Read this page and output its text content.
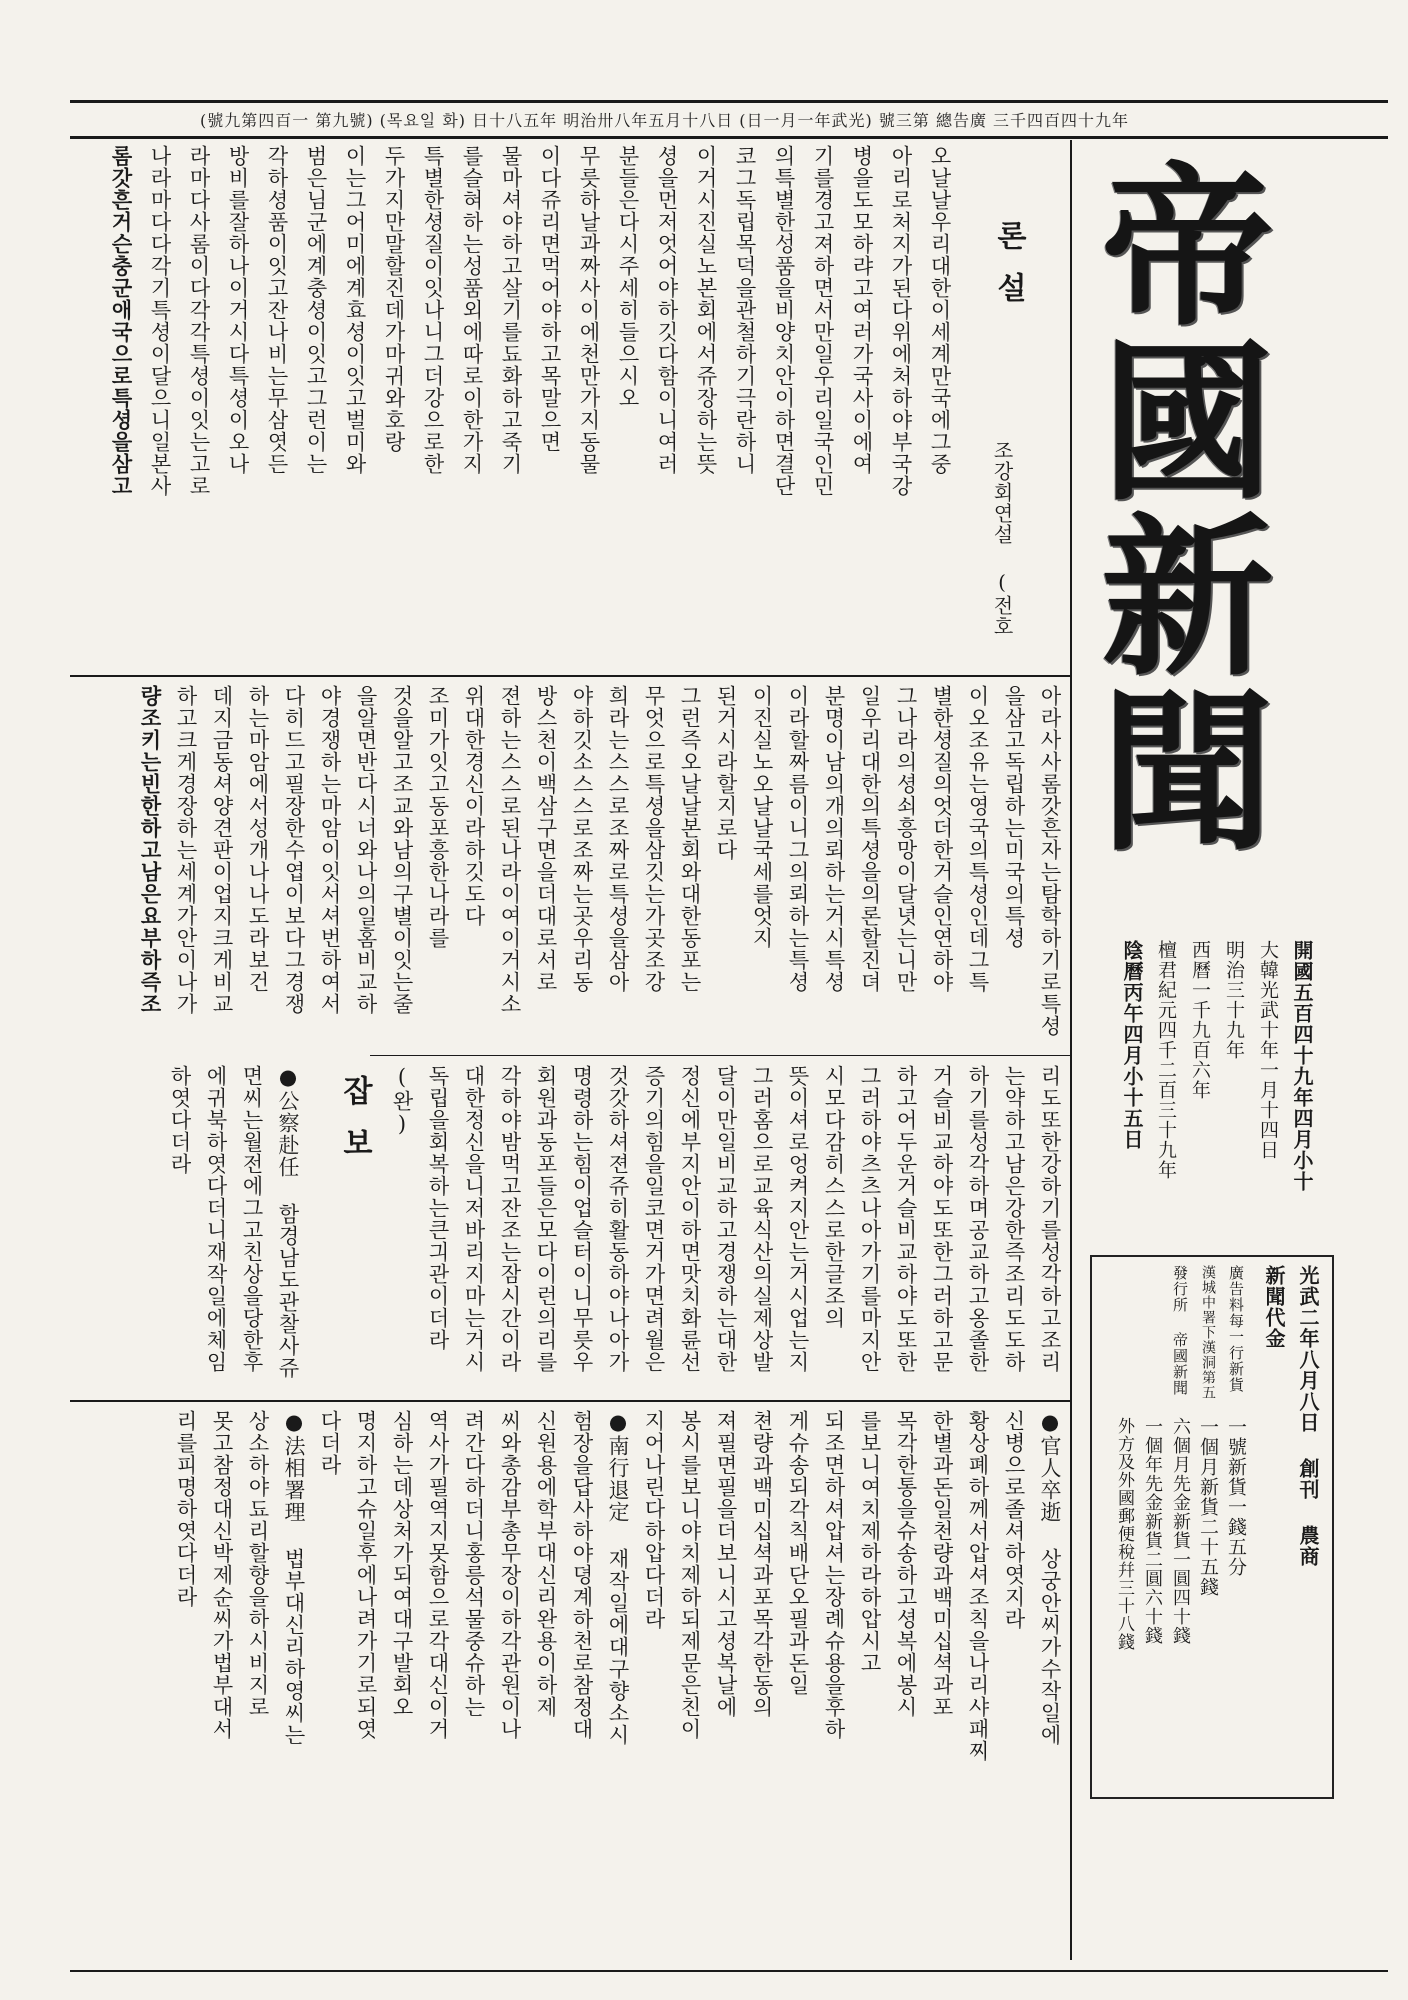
(號九第四百一 第九號) (목요일 화) 日十八五年 明治卅八年五月十八日 (日一月一年武光) 號三第 總告廣 三千四百四十九年
帝
國
新
聞
開國五百四十九年四月小十
大韓光武十年一月十四日
明治三十九年
西曆一千九百六年
檀君紀元四千二百三十九年
陰曆丙午四月小十五日
光武二年八月八日 創刊 農商
新聞代金
一號新貨一錢五分
一個月新貨二十五錢
六個月先金新貨一圓四十錢
一個年先金新貨二圓六十錢
外方及外國郵便稅幷三十八錢
廣告料每一行新貨
漢城中署下漢洞第五
發行所 帝國新聞
론설
조강회연설 (전호
오날날우리대한이세계만국에그중
아리로처지가된다위에처하야부국강
병을도모하랴고여러가국사이에여
기를경고져하면서만일우리일국인민
의특별한성품을비양치안이하면결단
코그독립목덕을관철하기극란하니
이거시진실노본회에서쥬장하는뜻
셩을먼저엇어야하깃다함이니여러
분들은다시주세히들으시오
무릇하날과짜사이에천만가지동물
이다쥬리면먹어야하고목말으면
물마셔야하고살기를됴화하고죽기
를슬혀하는성품외에따로이한가지
특별한셩질이잇나니그더강으로한
두가지만말할진데가마귀와호랑
이는그어미에계효셩이잇고벌미와
범은님군에계충셩이잇고그런이는
각하셩품이잇고잔나비는무삼엿든
방비를잘하나이거시다특셩이오나
라마다사롬이다각각특셩이잇는고로
나라마다다각기특셩이달으니일본사
롬갓흔거슨충군애국으로특셩을삼고
아라사사롬갓흔자는탐학하기로특셩
을삼고독립하는미국의특셩
이오조유는영국의특셩인데그특
별한셩질의엇더한거슬인연하야
그나라의셩쇠흥망이달녓는니만
일우리대한의특셩을의론할진뎌
분명이남의개의뢰하는거시특셩
이라할짜름이니그의뢰하는특셩
이진실노오날날국세를엇지
된거시라할지로다
그런즉오날날본회와대한동포는
무엇으로특셩을삼깃는가곳조강
희라는스스로조짜로특셩을삼아
야하깃소스스로조짜는곳우리동
방스천이백삼구면을더대로서로
젼하는스스로된나라이여이거시소
위대한경신이라하깃도다
조미가잇고동포흥한나라를
것을알고조교와남의구별이잇는줄
을알면반다시너와나의일홈비교하
야경쟁하는마암이잇서셔번하여서
다히드고필장한수엽이보다그경쟁
하는마암에서성개나나도라보건
데지금동셔양견판이업지크게비교
하고크게경장하는세계가안이나가
량조키는빈한하고남은요부하즉조
리도또한강하기를성각하고조리
는약하고남은강한즉조리도도하
하기를성각하며공교하고옹졸한
거슬비교하야도또한그러하고문
하고어두운거슬비교하야도또한
그러하야츠츠나아가기를마지안
시모다감히스스로한글조의
뜻이셔로엉켜지안는거시업는지
그러홈으로교육식산의실제상발
달이만일비교하고경쟁하는대한
정신에부지안이하면맛치화륜선
증기의힘을일코면거가면려월은
것갓하셔젼쥬히활동하야나아가
명령하는힘이업슬터이니무릇우
회원과동포들은모다이런의리를
각하야밤먹고잔조는잠시간이라
대한정신을니저바리지마는거시
독립을회복하는큰긔관이더라
(완)
잡보
●公察赴任 함경남도관찰사쥬
면씨는월전에그고친상을당한후
에귀북하엿다더니재작일에체임
하엿다더라
●官人卒逝 상궁안씨가수작일에
신병으로졸셔하엿지라
황상폐하께서압셔조칙을나리샤패찌
한별과돈일천량과백미십셕과포
목각한통을슈송하고셩복에봉시
를보니여치제하라하압시고
되조면하셔압셔는장례슈용을후하
게슈송되각칙배단오필과돈일
쳔량과백미십셕과포목각한동의
져필면필을더보니시고셩복날에
봉시를보니야치제하되제문은친이
지어나린다하압다더라
●南行退定 재작일에대구향소시
험장을답사하야뎡계하천로참정대
신원용에학부대신리완용이하제
씨와총감부총무장이하각관원이나
려간다하더니홍릉석물중슈하는
역사가필역지못함으로각대신이거
심하는데상처가되여대구발회오
명지하고슈일후에나려가기로되엿
다더라
●法相署理 법부대신리하영씨는
상소하야됴리할향을하시비지로
못고참정대신박제순씨가법부대서
리를피명하엿다더라
